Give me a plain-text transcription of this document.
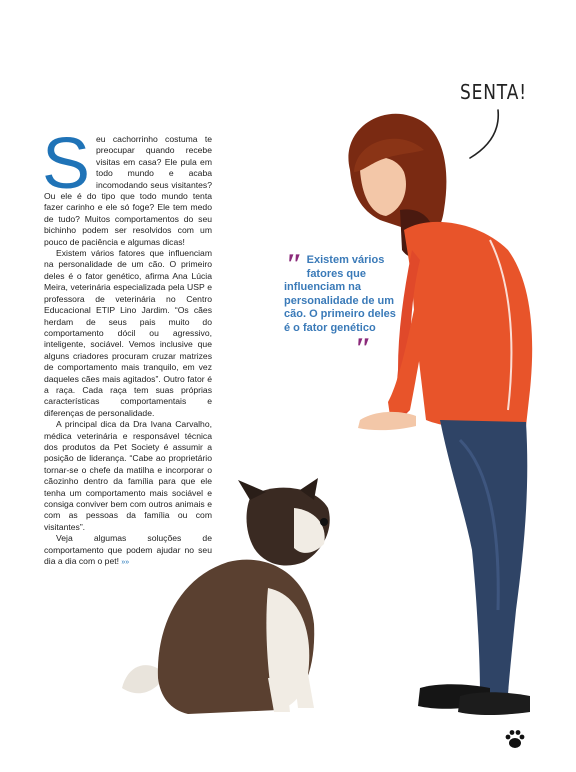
SENTA!

S eu cachorrinho costuma te preocupar quando recebe visitas em casa? Ele pula em todo mundo e acaba incomodando seus visitantes? Ou ele é do tipo que todo mundo tenta fazer carinho e ele só foge? Ele tem medo de tudo? Muitos comportamentos do seu bichinho podem ser resolvidos com um pouco de paciência e algumas dicas!

Existem vários fatores que influenciam na personalidade de um cão. O primeiro deles é o fator genético, afirma Ana Lúcia Meira, veterinária especializada pela USP e professora de veterinária no Centro Educacional ETIP Lino Jardim. “Os cães herdam de seus pais muito do comportamento dócil ou agressivo, inteligente, sociável. Vemos inclusive que alguns criadores procuram cruzar matrizes de comportamento mais tranquilo, em vez daqueles cães mais agitados”. Outro fator é a raça. Cada raça tem suas próprias características comportamentais e diferenças de personalidade.

A principal dica da Dra Ivana Carvalho, médica veterinária e responsável técnica dos produtos da Pet Society é assumir a posição de liderança. “Cabe ao proprietário tornar-se o chefe da matilha e incorporar o cãozinho dentro da família para que ele tenha um comportamento mais sociável e consiga conviver bem com outros animais e com as pessoas da família ou com visitantes”.

Veja algumas soluções de comportamento que podem ajudar no seu dia a dia com o pet! »»

" Existem vários fatores que influenciam na personalidade de um cão. O primeiro deles é o fator genético
"
